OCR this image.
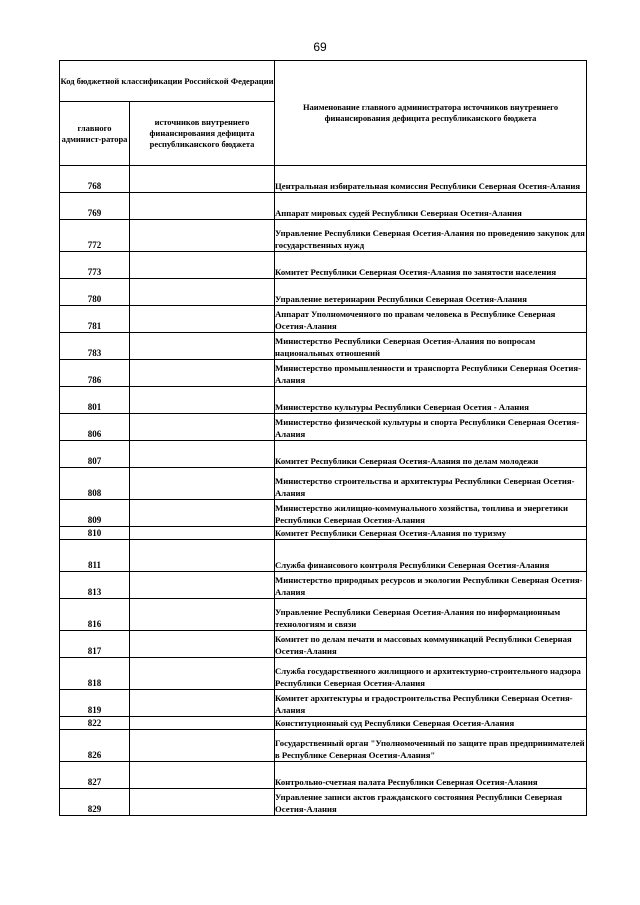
69
Код бюджетной классификации Российской Федерации		Наименование главного администратора источников внутреннего финансирования дефицита республиканского бюджета
главного админист-ратора	источников внутреннего финансирования дефицита республиканского бюджета	
768		Центральная избирательная комиссия Республики Северная Осетия-Алания
769		Аппарат мировых судей Республики Северная Осетия-Алания
772		Управление Республики Северная Осетия-Алания по проведению закупок для государственных нужд
773		Комитет Республики Северная Осетия-Алания по занятости населения
780		Управление ветеринарии Республики Северная Осетия-Алания
781		Аппарат Уполномоченного по правам человека в Республике Северная Осетия-Алания
783		Министерство Республики Северная Осетия-Алания по вопросам национальных отношений
786		Министерство промышленности и транспорта Республики Северная Осетия-Алания
801		Министерство культуры Республики Северная Осетия - Алания
806		Министерство физической культуры и спорта Республики Северная Осетия-Алания
807		Комитет Республики Северная Осетия-Алания по делам молодежи
808		Министерство строительства и архитектуры Республики Северная Осетия-Алания
809		Министерство жилищно-коммунального хозяйства, топлива и энергетики Республики Северная Осетия-Алания
810		Комитет Республики Северная Осетия-Алания по туризму
811		Служба финансового контроля Республики Северная Осетия-Алания
813		Министерство природных ресурсов и экологии Республики Северная Осетия-Алания
816		Управление Республики Северная Осетия-Алания по информационным технологиям и связи
817		Комитет по делам печати и массовых коммуникаций Республики Северная Осетия-Алания
818		Служба государственного жилищного и архитектурно-строительного надзора Республики Северная Осетия-Алания
819		Комитет архитектуры и градостроительства Республики Северная Осетия-Алания
822		Конституционный суд Республики Северная Осетия-Алания
826		Государственный орган "Уполномоченный по защите прав предпринимателей в Республике Северная Осетия-Алания"
827		Контрольно-счетная палата Республики Северная Осетия-Алания
829		Управление записи актов гражданского состояния Республики Северная Осетия-Алания
